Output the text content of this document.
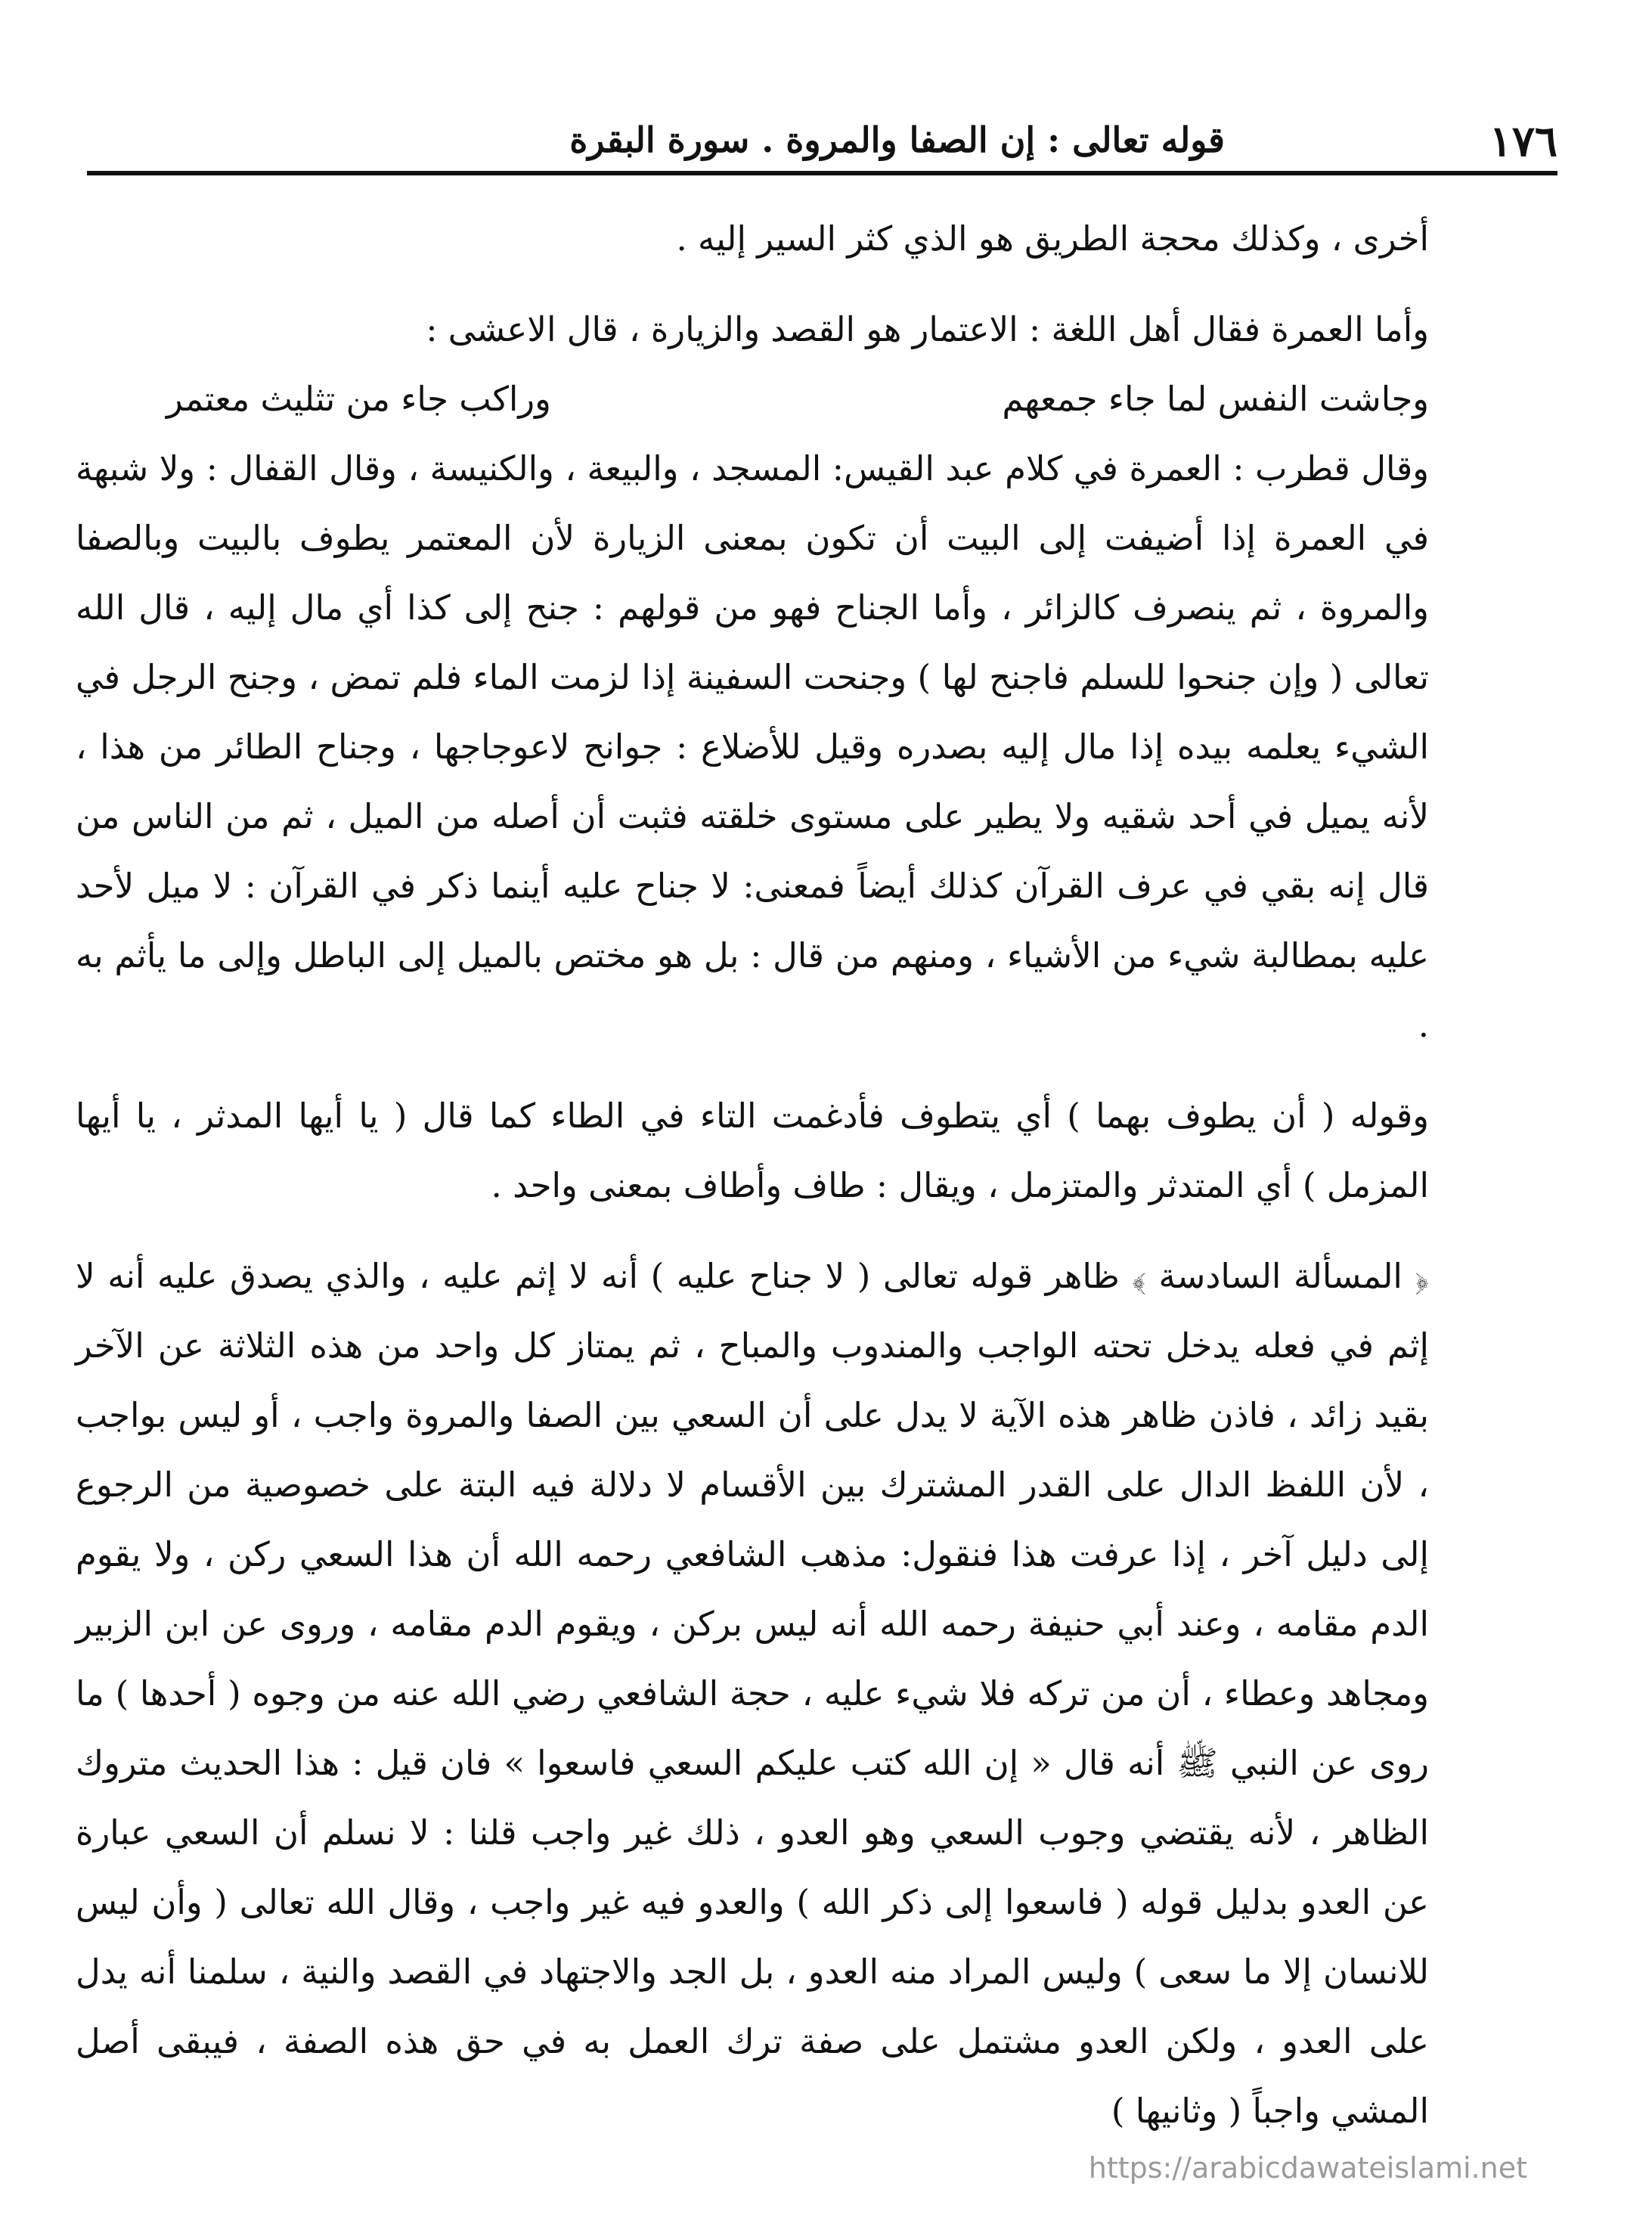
١٧٦
قوله تعالى : إن الصفا والمروة . سورة البقرة

أخرى ، وكذلك محجة الطريق هو الذي كثر السير إليه .

وأما العمرة فقال أهل اللغة : الاعتمار هو القصد والزيارة ، قال الاعشى :

وجاشت النفس لما جاء جمعهم
وراكب جاء من تثليث معتمر

وقال قطرب : العمرة في كلام عبد القيس: المسجد ، والبيعة ، والكنيسة ، وقال القفال : ولا شبهة في العمرة إذا أضيفت إلى البيت أن تكون بمعنى الزيارة لأن المعتمر يطوف بالبيت وبالصفا والمروة ، ثم ينصرف كالزائر ، وأما الجناح فهو من قولهم : جنح إلى كذا أي مال إليه ، قال الله تعالى ( وإن جنحوا للسلم فاجنح لها ) وجنحت السفينة إذا لزمت الماء فلم تمض ، وجنح الرجل في الشيء يعلمه بيده إذا مال إليه بصدره وقيل للأضلاع : جوانح لاعوجاجها ، وجناح الطائر من هذا ، لأنه يميل في أحد شقيه ولا يطير على مستوى خلقته فثبت أن أصله من الميل ، ثم من الناس من قال إنه بقي في عرف القرآن كذلك أيضاً فمعنى: لا جناح عليه أينما ذكر في القرآن : لا ميل لأحد عليه بمطالبة شيء من الأشياء ، ومنهم من قال : بل هو مختص بالميل إلى الباطل وإلى ما يأثم به .

وقوله ( أن يطوف بهما ) أي يتطوف فأدغمت التاء في الطاء كما قال ( يا أيها المدثر ، يا أيها المزمل ) أي المتدثر والمتزمل ، ويقال : طاف وأطاف بمعنى واحد .

﴿ المسألة السادسة ﴾ ظاهر قوله تعالى ( لا جناح عليه ) أنه لا إثم عليه ، والذي يصدق عليه أنه لا إثم في فعله يدخل تحته الواجب والمندوب والمباح ، ثم يمتاز كل واحد من هذه الثلاثة عن الآخر بقيد زائد ، فاذن ظاهر هذه الآية لا يدل على أن السعي بين الصفا والمروة واجب ، أو ليس بواجب ، لأن اللفظ الدال على القدر المشترك بين الأقسام لا دلالة فيه البتة على خصوصية من الرجوع إلى دليل آخر ، إذا عرفت هذا فنقول: مذهب الشافعي رحمه الله أن هذا السعي ركن ، ولا يقوم الدم مقامه ، وعند أبي حنيفة رحمه الله أنه ليس بركن ، ويقوم الدم مقامه ، وروى عن ابن الزبير ومجاهد وعطاء ، أن من تركه فلا شيء عليه ، حجة الشافعي رضي الله عنه من وجوه ( أحدها ) ما روى عن النبي ﷺ أنه قال « إن الله كتب عليكم السعي فاسعوا » فان قيل : هذا الحديث متروك الظاهر ، لأنه يقتضي وجوب السعي وهو العدو ، ذلك غير واجب قلنا : لا نسلم أن السعي عبارة عن العدو بدليل قوله ( فاسعوا إلى ذكر الله ) والعدو فيه غير واجب ، وقال الله تعالى ( وأن ليس للانسان إلا ما سعى ) وليس المراد منه العدو ، بل الجد والاجتهاد في القصد والنية ، سلمنا أنه يدل على العدو ، ولكن العدو مشتمل على صفة ترك العمل به في حق هذه الصفة ، فيبقى أصل المشي واجباً ( وثانيها )

https://arabicdawateislami.net
